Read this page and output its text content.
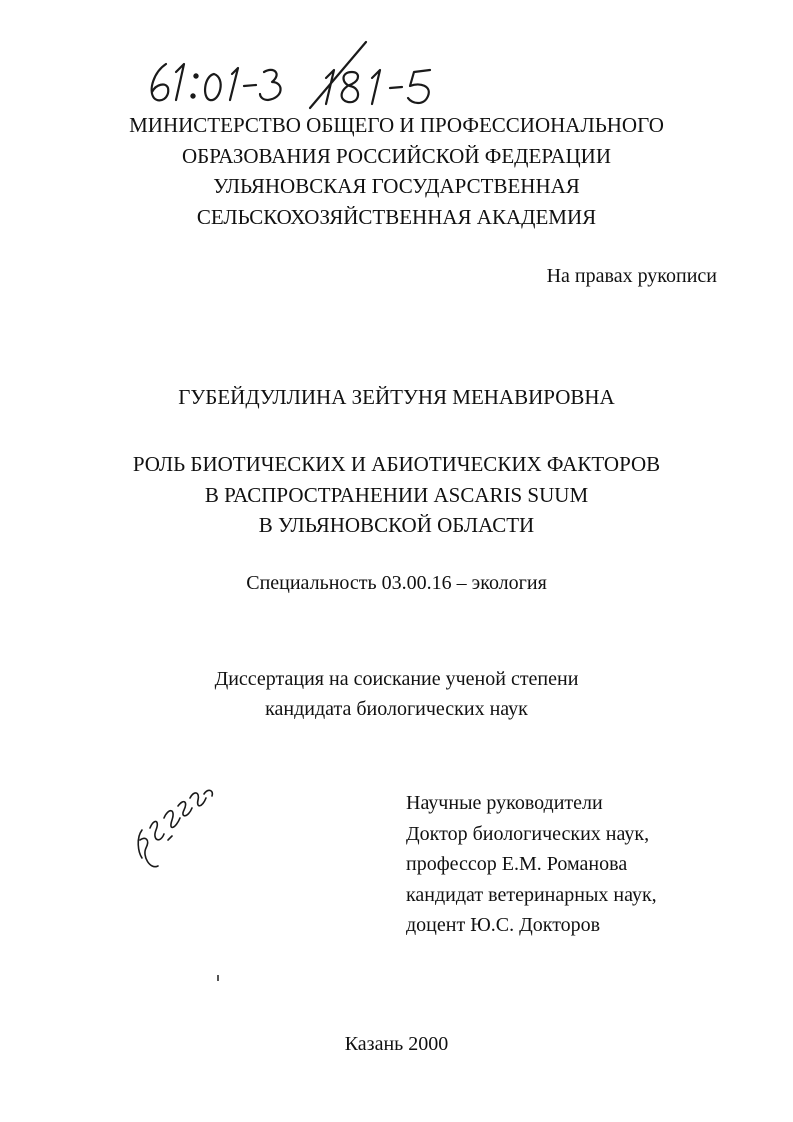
МИНИСТЕРСТВО ОБЩЕГО И ПРОФЕССИОНАЛЬНОГО
ОБРАЗОВАНИЯ РОССИЙСКОЙ ФЕДЕРАЦИИ
УЛЬЯНОВСКАЯ ГОСУДАРСТВЕННАЯ
СЕЛЬСКОХОЗЯЙСТВЕННАЯ АКАДЕМИЯ
На правах рукописи
ГУБЕЙДУЛЛИНА ЗЕЙТУНЯ МЕНАВИРОВНА
РОЛЬ БИОТИЧЕСКИХ И АБИОТИЧЕСКИХ ФАКТОРОВ
В РАСПРОСТРАНЕНИИ ASCARIS SUUM
В УЛЬЯНОВСКОЙ ОБЛАСТИ
Специальность 03.00.16 – экология
Диссертация на соискание ученой степени
кандидата биологических наук
Научные руководители
Доктор биологических наук,
профессор Е.М. Романова
кандидат ветеринарных наук,
доцент Ю.С. Докторов
Казань 2000
